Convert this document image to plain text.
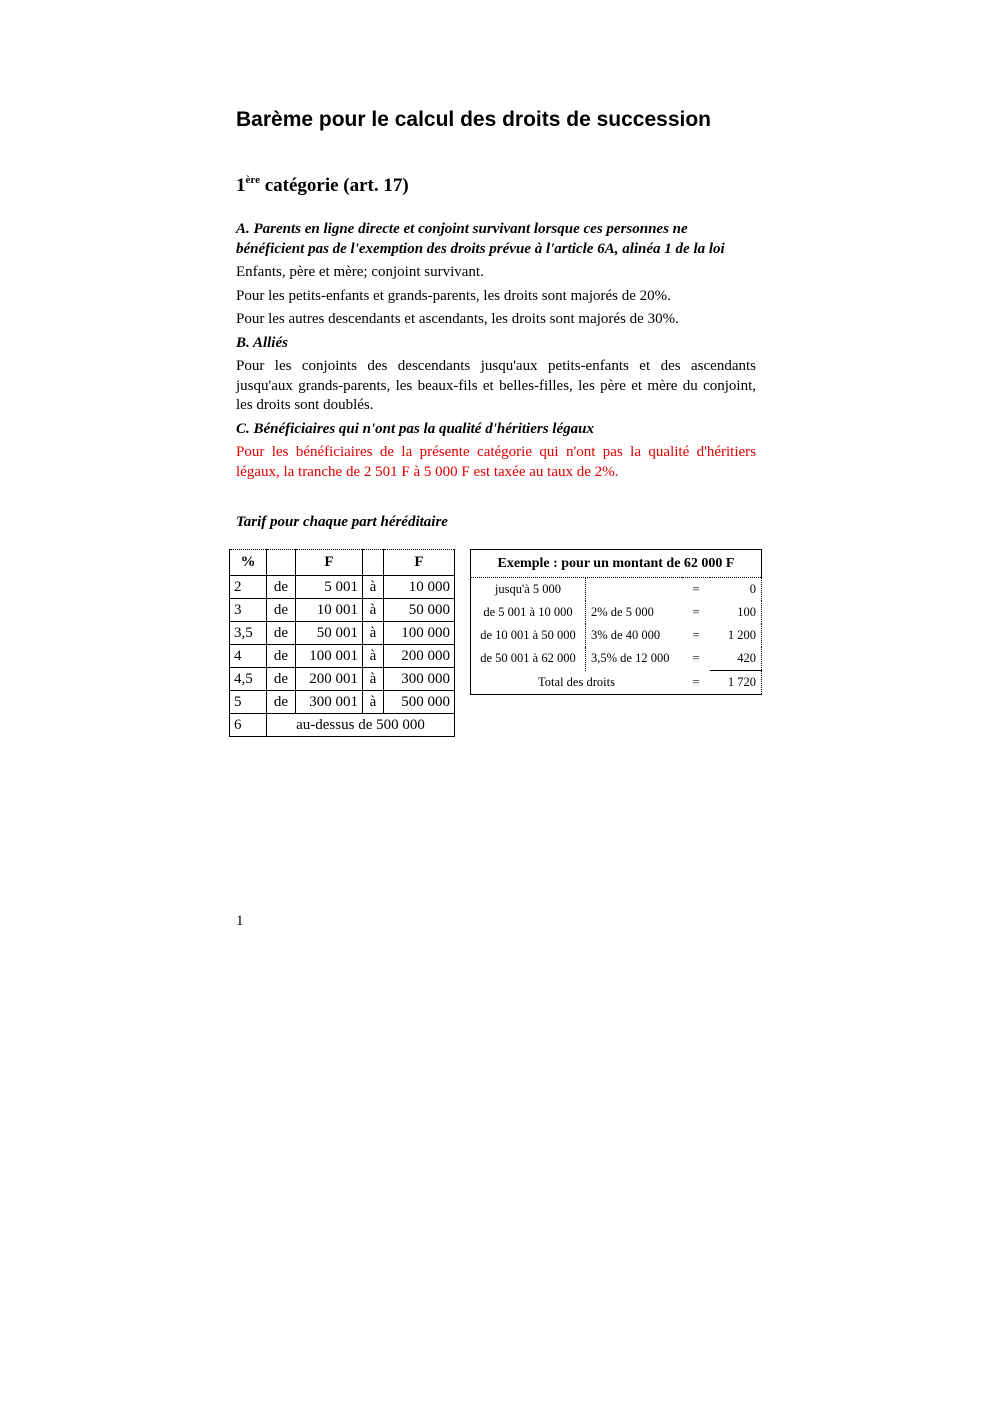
Barème pour le calcul des droits de succession
1ère catégorie (art. 17)

A. Parents en ligne directe et conjoint survivant lorsque ces personnes ne bénéficient pas de l'exemption des droits prévue à l'article 6A, alinéa 1 de la loi

Enfants, père et mère; conjoint survivant.

Pour les petits-enfants et grands-parents, les droits sont majorés de 20%.

Pour les autres descendants et ascendants, les droits sont majorés de 30%.

B. Alliés

Pour les conjoints des descendants jusqu'aux petits-enfants et des ascendants jusqu'aux grands-parents, les beaux-fils et belles-filles, les père et mère du conjoint, les droits sont doublés.

C. Bénéficiaires qui n'ont pas la qualité d'héritiers légaux

Pour les bénéficiaires de la présente catégorie qui n'ont pas la qualité d'héritiers légaux, la tranche de 2 501 F à 5 000 F est taxée au taux de 2%.

Tarif pour chaque part héréditaire
%		F		F
2	de	5 001	à	10 000
3	de	10 001	à	50 000
3,5	de	50 001	à	100 000
4	de	100 001	à	200 000
4,5	de	200 001	à	300 000
5	de	300 001	à	500 000
6	au-dessus de 500 000			
Exemple : pour un montant de 62 000 F			
jusqu'à 5 000		=	0
de 5 001 à 10 000	2% de 5 000	=	100
de 10 001 à 50 000	3% de 40 000	=	1 200
de 50 001 à 62 000	3,5% de 12 000	=	420
Total des droits		=	1 720
1
